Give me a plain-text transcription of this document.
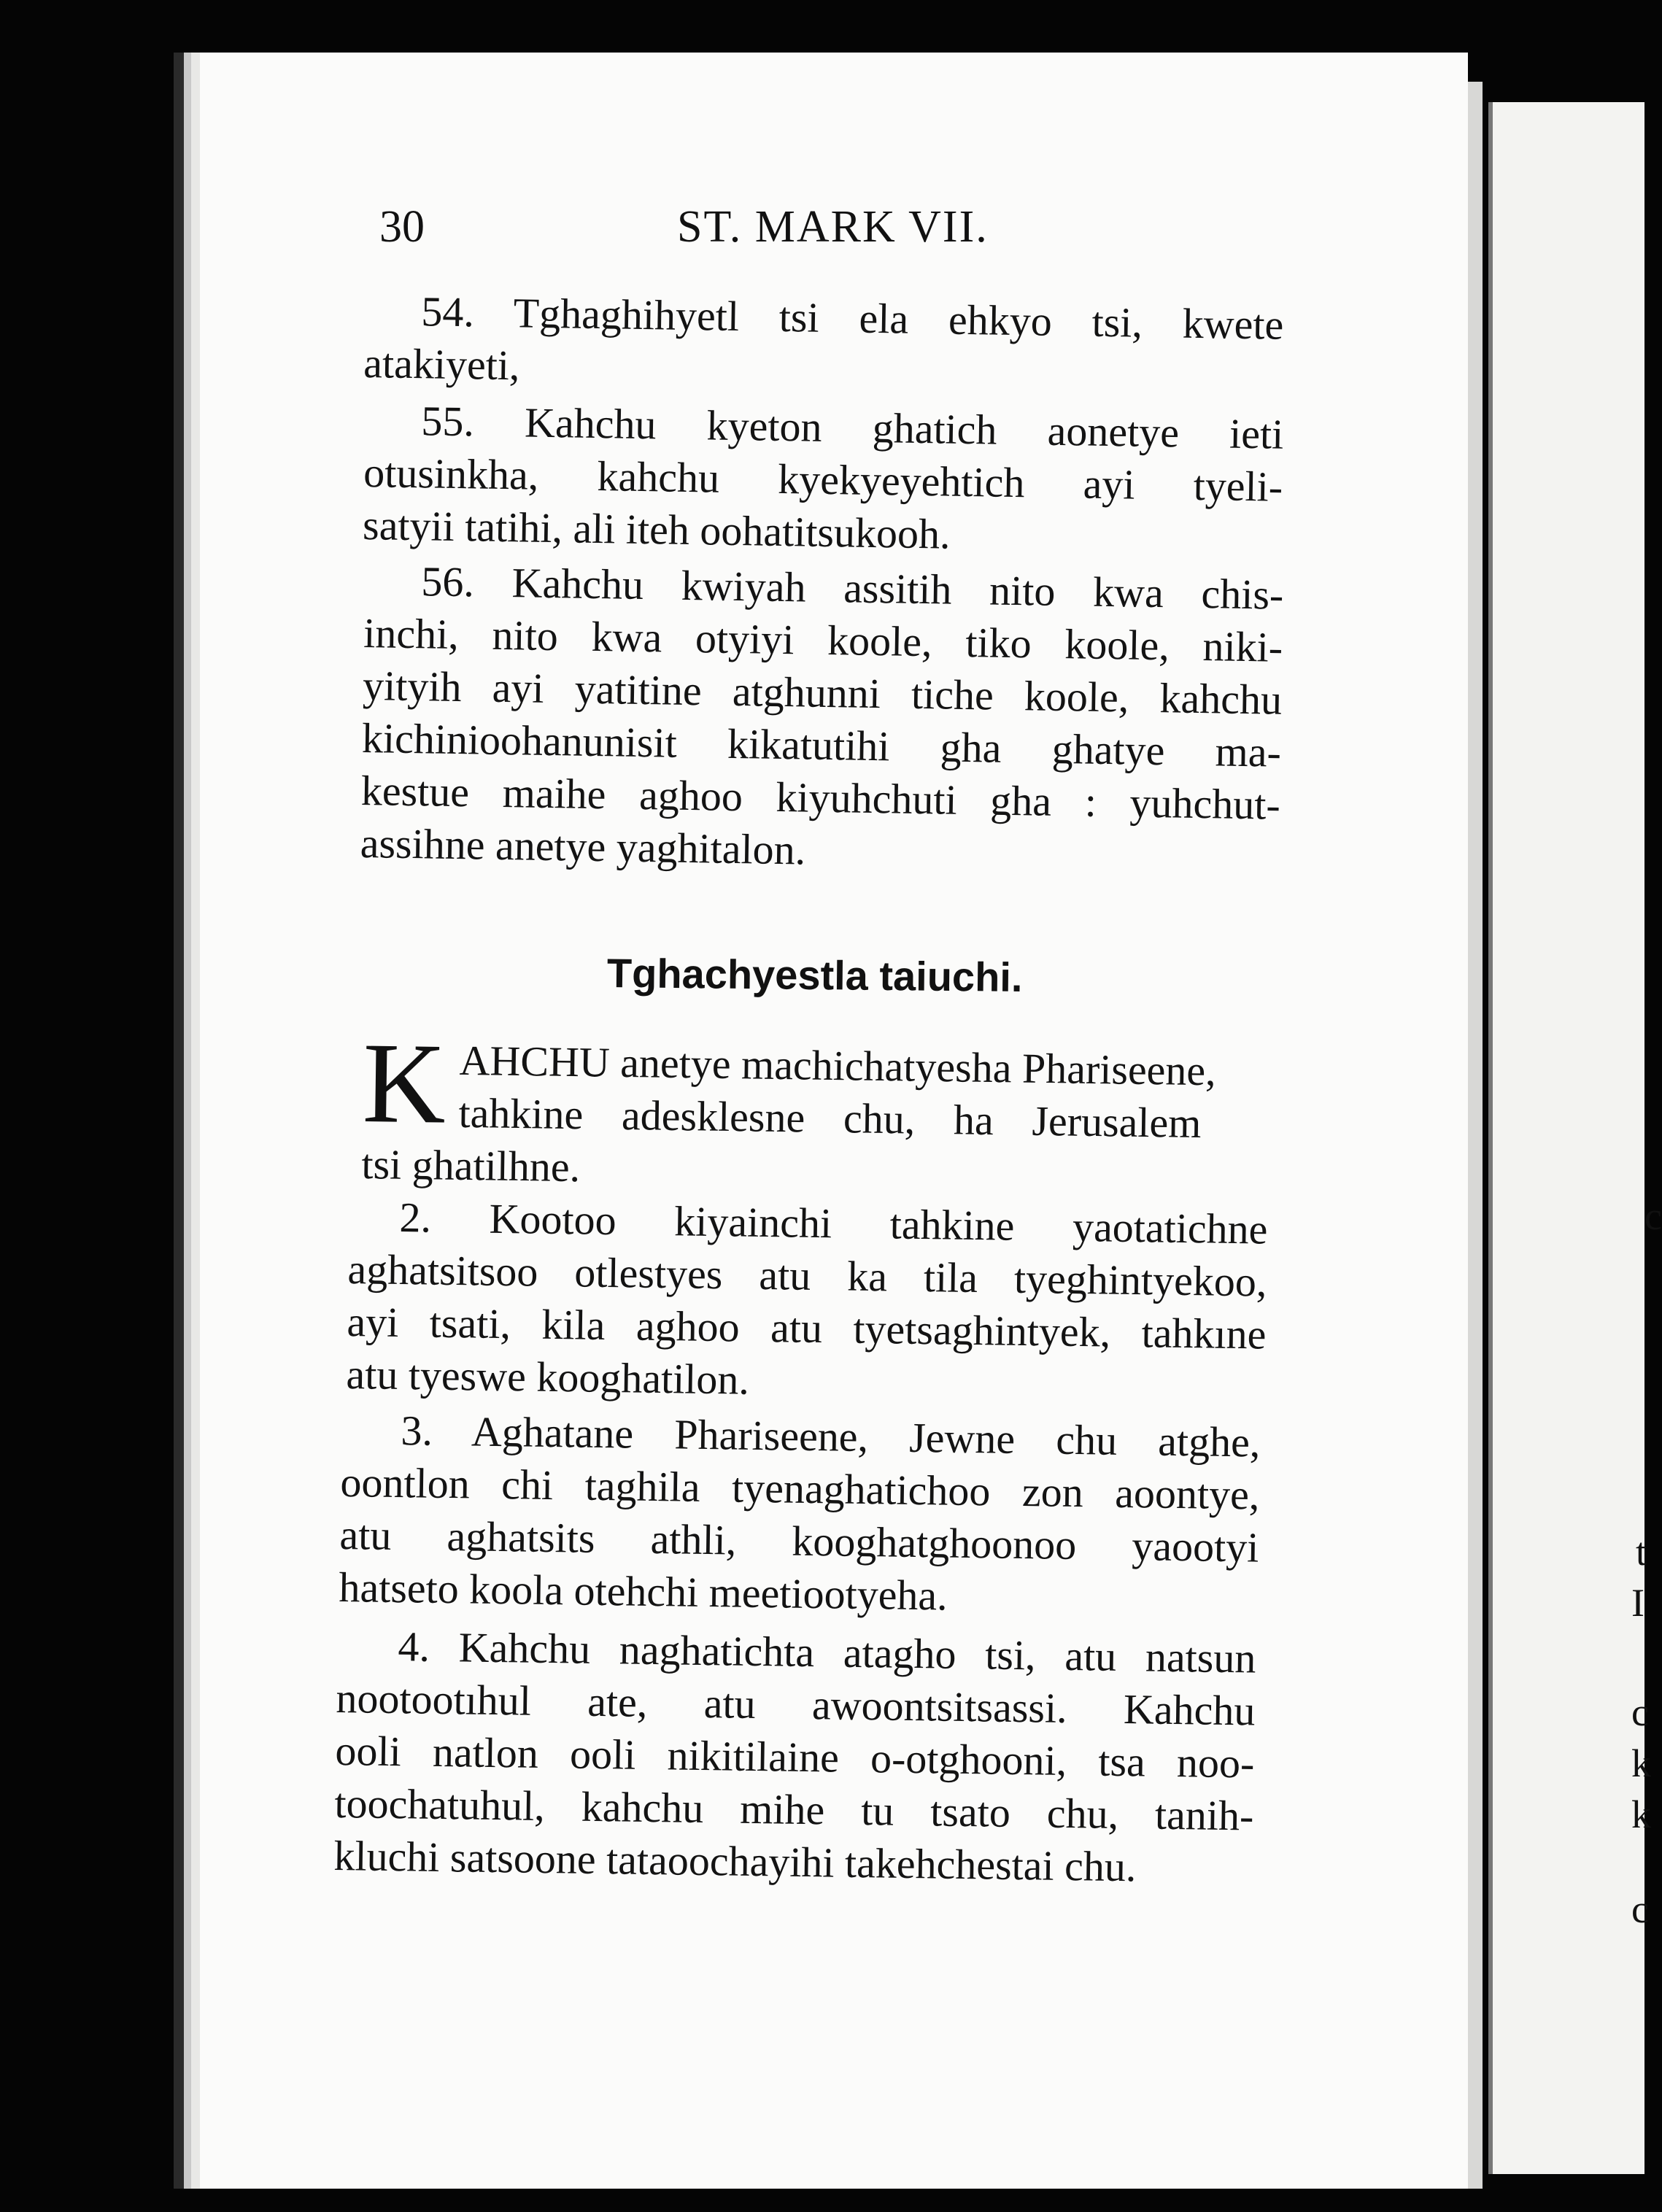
c
t
I
c
k
k
c
30	ST. MARK VII.
54. Tghaghihyetl tsi ela ehkyo tsi, kwete
atakiyeti,
55. Kahchu kyeton ghatich aonetye ieti
otusinkha, kahchu kyekyeyehtich ayi tyeli-
satyii tatihi, ali iteh oohatitsukooh.
56. Kahchu kwiyah assitih nito kwa chis-
inchi, nito kwa otyiyi koole, tiko koole, niki-
yityih ayi yatitine atghunni tiche koole, kahchu
kichinioohanunisit kikatutihi gha ghatye ma-
kestue maihe aghoo kiyuhchuti gha : yuhchut-
assihne anetye yaghitalon.
Tghachyestla taiuchi.
K AHCHU anetye machichatyesha Phariseene,
tahkine adesklesne chu, ha Jerusalem
tsi ghatilhne.
2. Kootoo kiyainchi tahkine yaotatichne
aghatsitsoo otlestyes atu ka tila tyeghintyekoo,
ayi tsati, kila aghoo atu tyetsaghintyek, tahkıne
atu tyeswe kooghatilon.
3. Aghatane Phariseene, Jewne chu atghe,
oontlon chi taghila tyenaghatichoo zon aoontye,
atu aghatsits athli, kooghatghoonoo yaootyi
hatseto koola otehchi meetiootyeha.
4. Kahchu naghatichta atagho tsi, atu natsun
nootootıhul ate, atu awoontsitsassi. Kahchu
ooli natlon ooli nikitilaine o-otghooni, tsa noo-
toochatuhul, kahchu mihe tu tsato chu, tanih-
kluchi satsoone tataoochayihi takehchestai chu.
